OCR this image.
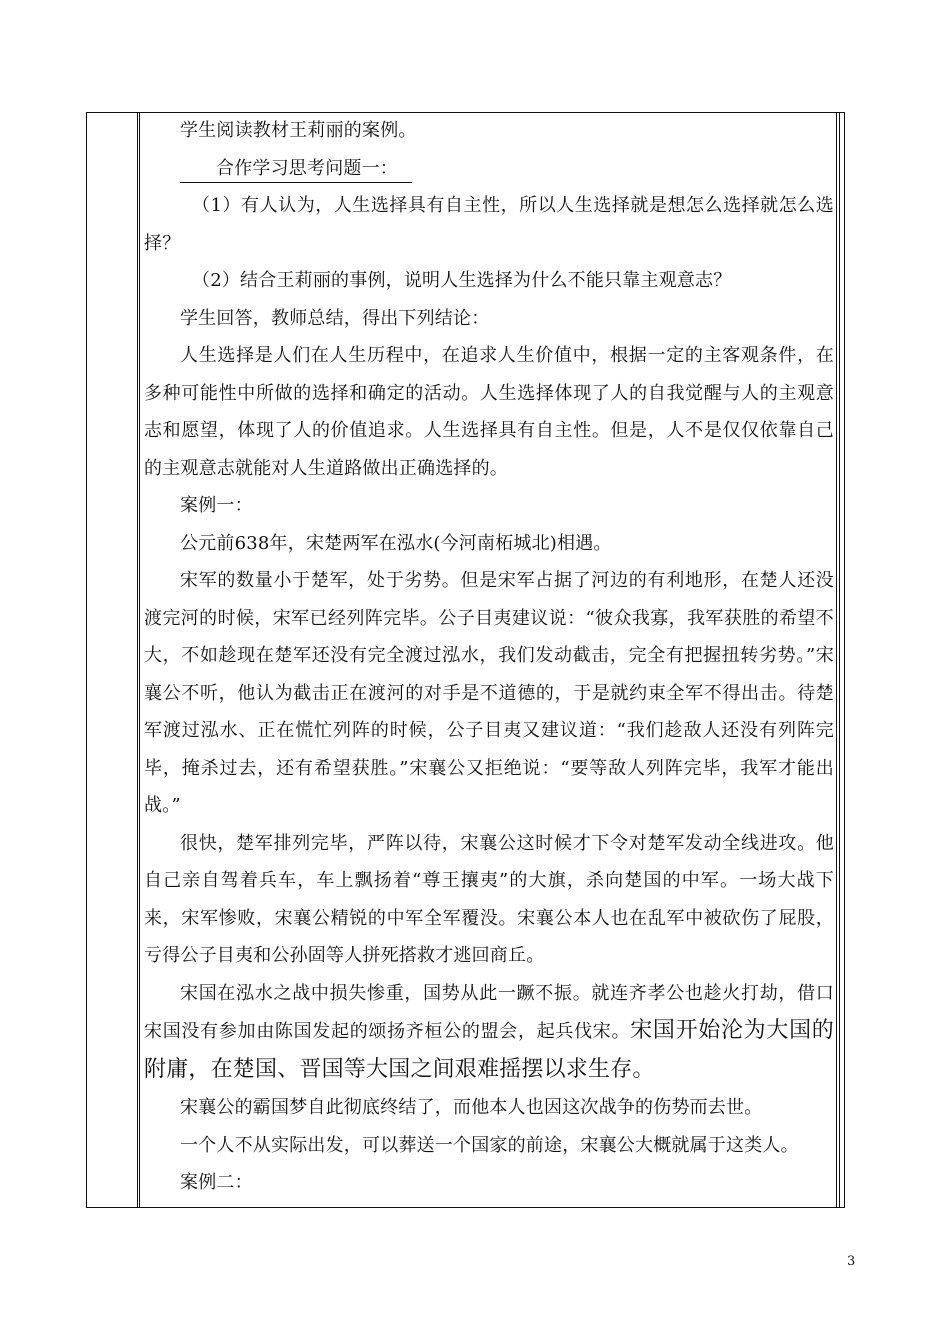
学生阅读教材王莉丽的案例。

合作学习思考问题一：

（1）有人认为，人生选择具有自主性，所以人生选择就是想怎么选择就怎么选择？

（2）结合王莉丽的事例，说明人生选择为什么不能只靠主观意志？

学生回答，教师总结，得出下列结论：

人生选择是人们在人生历程中，在追求人生价值中，根据一定的主客观条件，在多种可能性中所做的选择和确定的活动。人生选择体现了人的自我觉醒与人的主观意志和愿望，体现了人的价值追求。人生选择具有自主性。但是，人不是仅仅依靠自己的主观意志就能对人生道路做出正确选择的。

案例一：

公元前638年，宋楚两军在泓水(今河南柘城北)相遇。

宋军的数量小于楚军，处于劣势。但是宋军占据了河边的有利地形，在楚人还没渡完河的时候，宋军已经列阵完毕。公子目夷建议说：“彼众我寡，我军获胜的希望不大，不如趁现在楚军还没有完全渡过泓水，我们发动截击，完全有把握扭转劣势。”宋襄公不听，他认为截击正在渡河的对手是不道德的，于是就约束全军不得出击。待楚军渡过泓水、正在慌忙列阵的时候，公子目夷又建议道：“我们趁敌人还没有列阵完毕，掩杀过去，还有希望获胜。”宋襄公又拒绝说：“要等敌人列阵完毕，我军才能出战。”

很快，楚军排列完毕，严阵以待，宋襄公这时候才下令对楚军发动全线进攻。他自己亲自驾着兵车，车上飘扬着“尊王攘夷”的大旗，杀向楚国的中军。一场大战下来，宋军惨败，宋襄公精锐的中军全军覆没。宋襄公本人也在乱军中被砍伤了屁股，亏得公子目夷和公孙固等人拼死搭救才逃回商丘。

宋国在泓水之战中损失惨重，国势从此一蹶不振。就连齐孝公也趁火打劫，借口宋国没有参加由陈国发起的颂扬齐桓公的盟会，起兵伐宋。宋国开始沦为大国的附庸，在楚国、晋国等大国之间艰难摇摆以求生存。

宋襄公的霸国梦自此彻底终结了，而他本人也因这次战争的伤势而去世。

一个人不从实际出发，可以葬送一个国家的前途，宋襄公大概就属于这类人。

案例二：

3
